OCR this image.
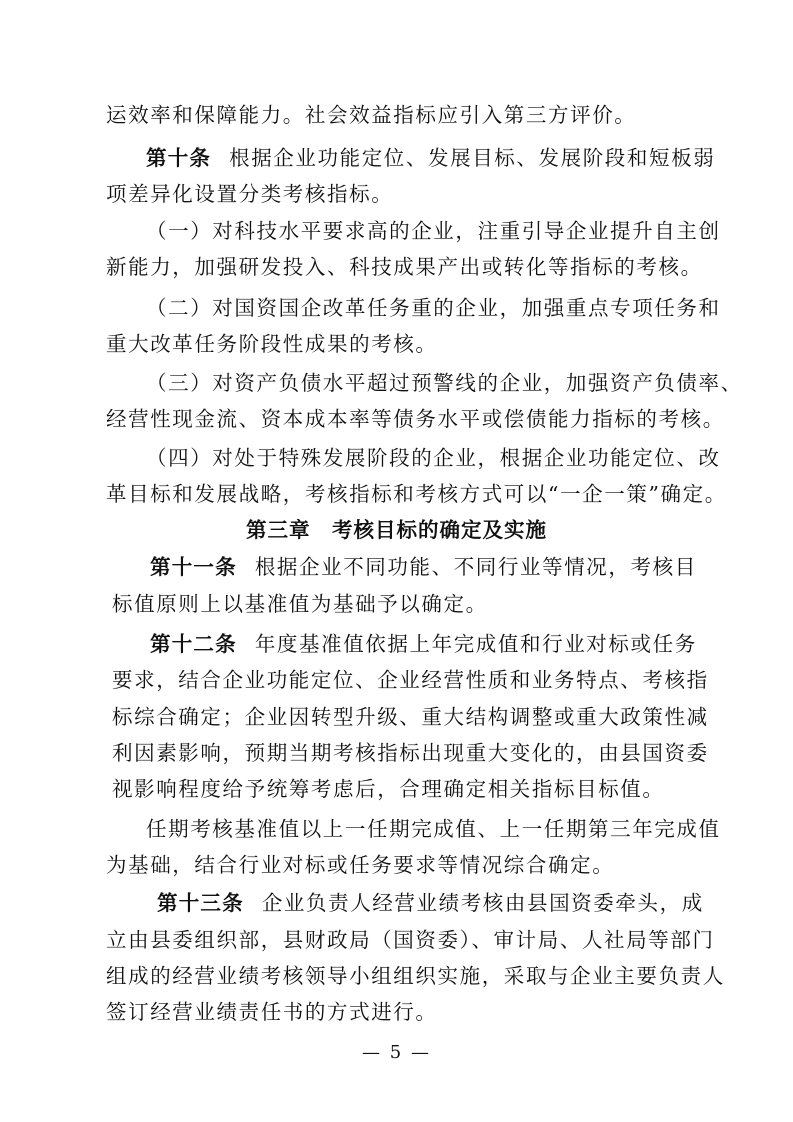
运效率和保障能力。社会效益指标应引入第三方评价。
第十条 根据企业功能定位、发展目标、发展阶段和短板弱
项差异化设置分类考核指标。
（一）对科技水平要求高的企业，注重引导企业提升自主创
新能力，加强研发投入、科技成果产出或转化等指标的考核。
（二）对国资国企改革任务重的企业，加强重点专项任务和
重大改革任务阶段性成果的考核。
（三）对资产负债水平超过预警线的企业，加强资产负债率、
经营性现金流、资本成本率等债务水平或偿债能力指标的考核。
（四）对处于特殊发展阶段的企业，根据企业功能定位、改
革目标和发展战略，考核指标和考核方式可以“一企一策”确定。
第三章　考核目标的确定及实施
第十一条 根据企业不同功能、不同行业等情况，考核目
标值原则上以基准值为基础予以确定。
第十二条 年度基准值依据上年完成值和行业对标或任务
要求，结合企业功能定位、企业经营性质和业务特点、考核指
标综合确定；企业因转型升级、重大结构调整或重大政策性减
利因素影响，预期当期考核指标出现重大变化的，由县国资委
视影响程度给予统筹考虑后，合理确定相关指标目标值。
任期考核基准值以上一任期完成值、上一任期第三年完成值
为基础，结合行业对标或任务要求等情况综合确定。
第十三条 企业负责人经营业绩考核由县国资委牵头，成
立由县委组织部，县财政局（国资委）、审计局、人社局等部门
组成的经营业绩考核领导小组组织实施，采取与企业主要负责人
签订经营业绩责任书的方式进行。
— 5 —
